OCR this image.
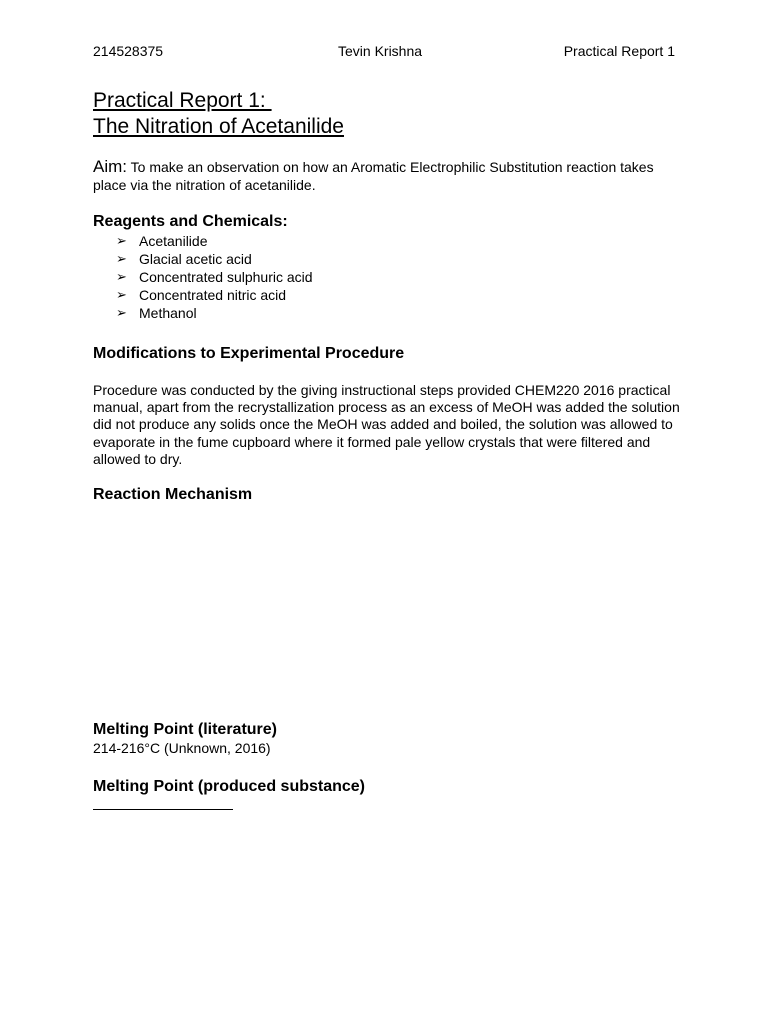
214528375	Tevin Krishna	Practical Report 1
Practical Report 1:
The Nitration of Acetanilide
Aim: To make an observation on how an Aromatic Electrophilic Substitution reaction takes place via the nitration of acetanilide.
Reagents and Chemicals:
➢ Acetanilide
➢ Glacial acetic acid
➢ Concentrated sulphuric acid
➢ Concentrated nitric acid
➢ Methanol
Modifications to Experimental Procedure
Procedure was conducted by the giving instructional steps provided CHEM220 2016 practical manual, apart from the recrystallization process as an excess of MeOH was added the solution did not produce any solids once the MeOH was added and boiled, the solution was allowed to evaporate in the fume cupboard where it formed pale yellow crystals that were filtered and allowed to dry.
Reaction Mechanism
Melting Point (literature)
214-216°C (Unknown, 2016)
Melting Point (produced substance)
